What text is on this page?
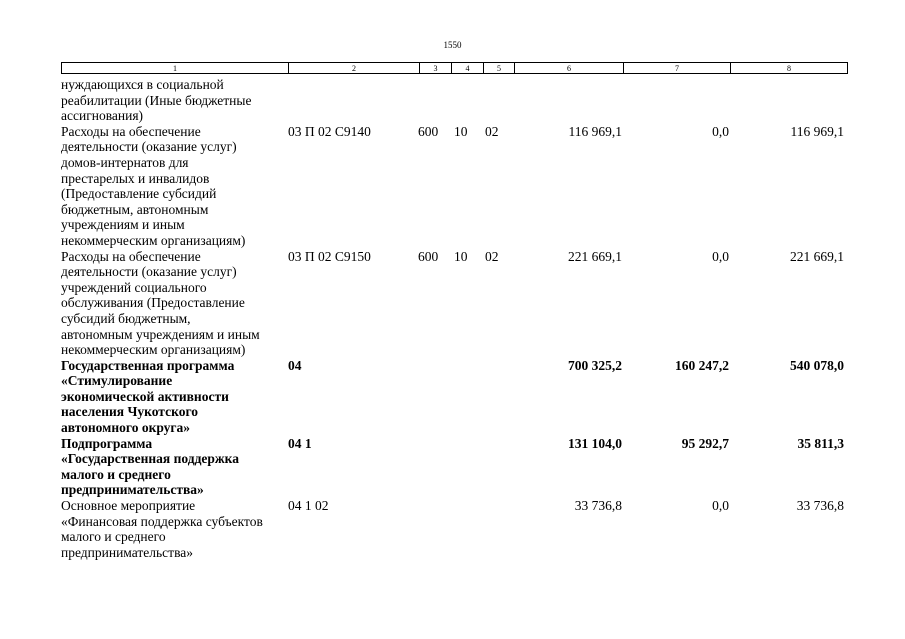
1550
1	2	3	4	5	6	7	8
нуждающихся в социальной
реабилитации (Иные бюджетные
ассигнования)
Расходы на обеспечение
деятельности (оказание услуг)
домов-интернатов для
престарелых и инвалидов
(Предоставление субсидий
бюджетным, автономным
учреждениям и иным
некоммерческим организациям)
03 П 02 С9140	600 10 02	116 969,1	0,0	116 969,1
Расходы на обеспечение
деятельности (оказание услуг)
учреждений социального
обслуживания (Предоставление
субсидий бюджетным,
автономным учреждениям и иным
некоммерческим организациям)
03 П 02 С9150	600 10 02	221 669,1	0,0	221 669,1
Государственная программа
«Стимулирование
экономической активности
населения Чукотского
автономного округа»
04	700 325,2	160 247,2	540 078,0
Подпрограмма
«Государственная поддержка
малого и среднего
предпринимательства»
04 1	131 104,0	95 292,7	35 811,3
Основное мероприятие
«Финансовая поддержка субъектов
малого и среднего
предпринимательства»
04 1 02	33 736,8	0,0	33 736,8
